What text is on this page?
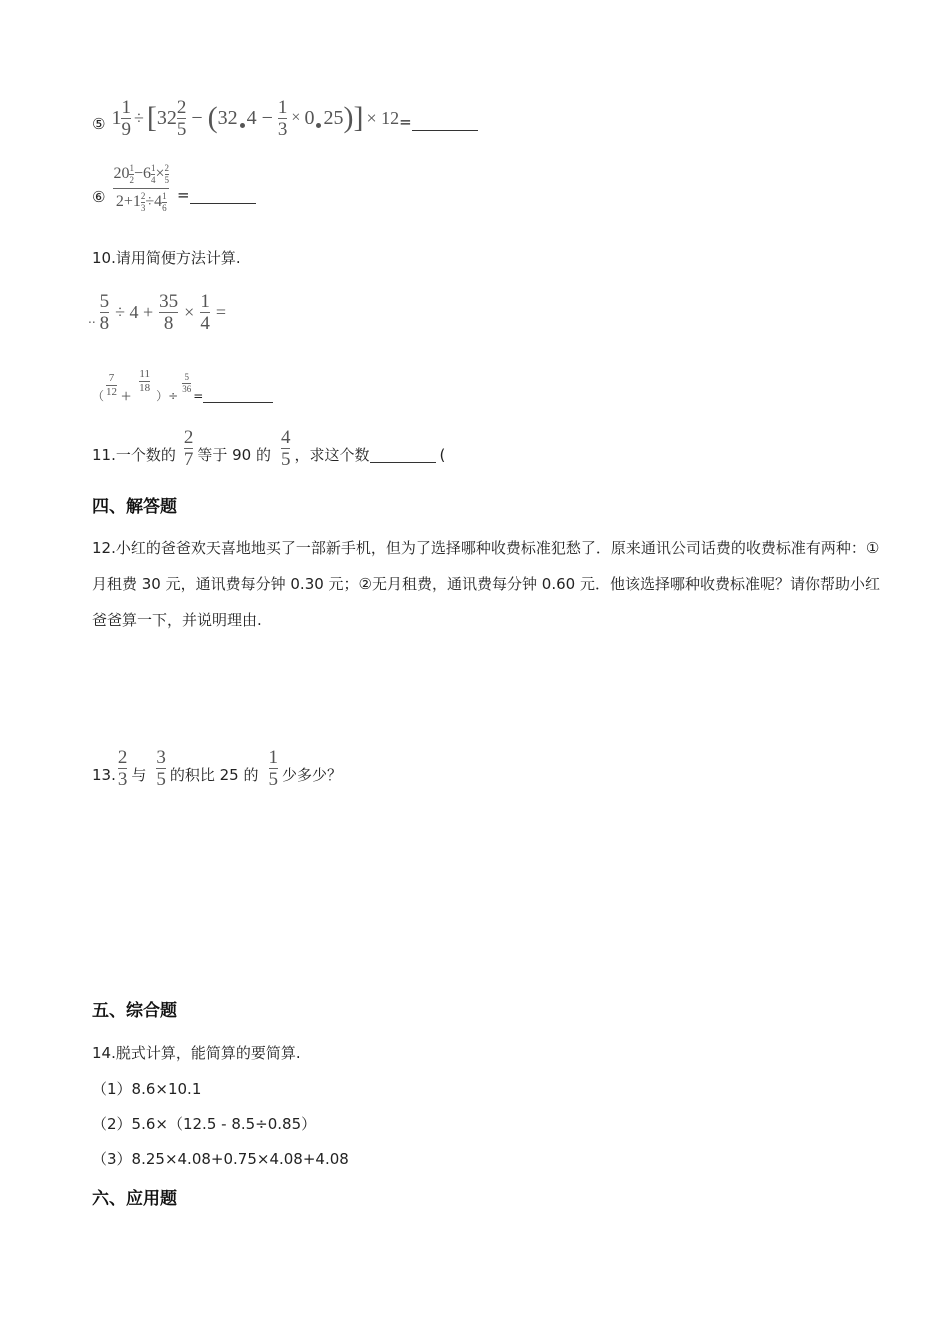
⑤ $1 \frac{1}{9}$ ÷ [ $32 \frac{2}{5}$ − ( 32 $4 - \frac{1}{3} \times 0$ 25 ) ] × 12 =
⑥ $\frac{20 \frac{1}{2} -6 \frac{1}{4} \times \frac{2}{5}}{2+1 \frac{2}{3} \div 4 \frac{1}{6}}$ =
10.请用简便方法计算.
.. $\frac{5}{8} \div 4 + \frac{35}{8} \times \frac{1}{4}$ =
（ $\frac{7}{12}$ +
$\frac{11}{18}$
）÷
$\frac{5}{36}$
=
11.一个数的 $\frac{2}{7}$ 等于 90 的 $\frac{4}{5}$ ，求这个数	(
四、解答题
12.小红的爸爸欢天喜地地买了一部新手机，但为了选择哪种收费标准犯愁了．原来通讯公司话费的收费标准有两种：①月租费 30 元，通讯费每分钟 0.30 元；②无月租费，通讯费每分钟 0.60 元．他该选择哪种收费标准呢？请你帮助小红爸爸算一下，并说明理由.
13. $\frac{2}{3}$ 与 $\frac{3}{5}$ 的积比 25 的 $\frac{1}{5}$ 少多少？
五、综合题
14.脱式计算，能简算的要简算.
（1）8.6×10.1
（2）5.6×（12.5 - 8.5÷0.85）
（3）8.25×4.08+0.75×4.08+4.08
六、应用题
